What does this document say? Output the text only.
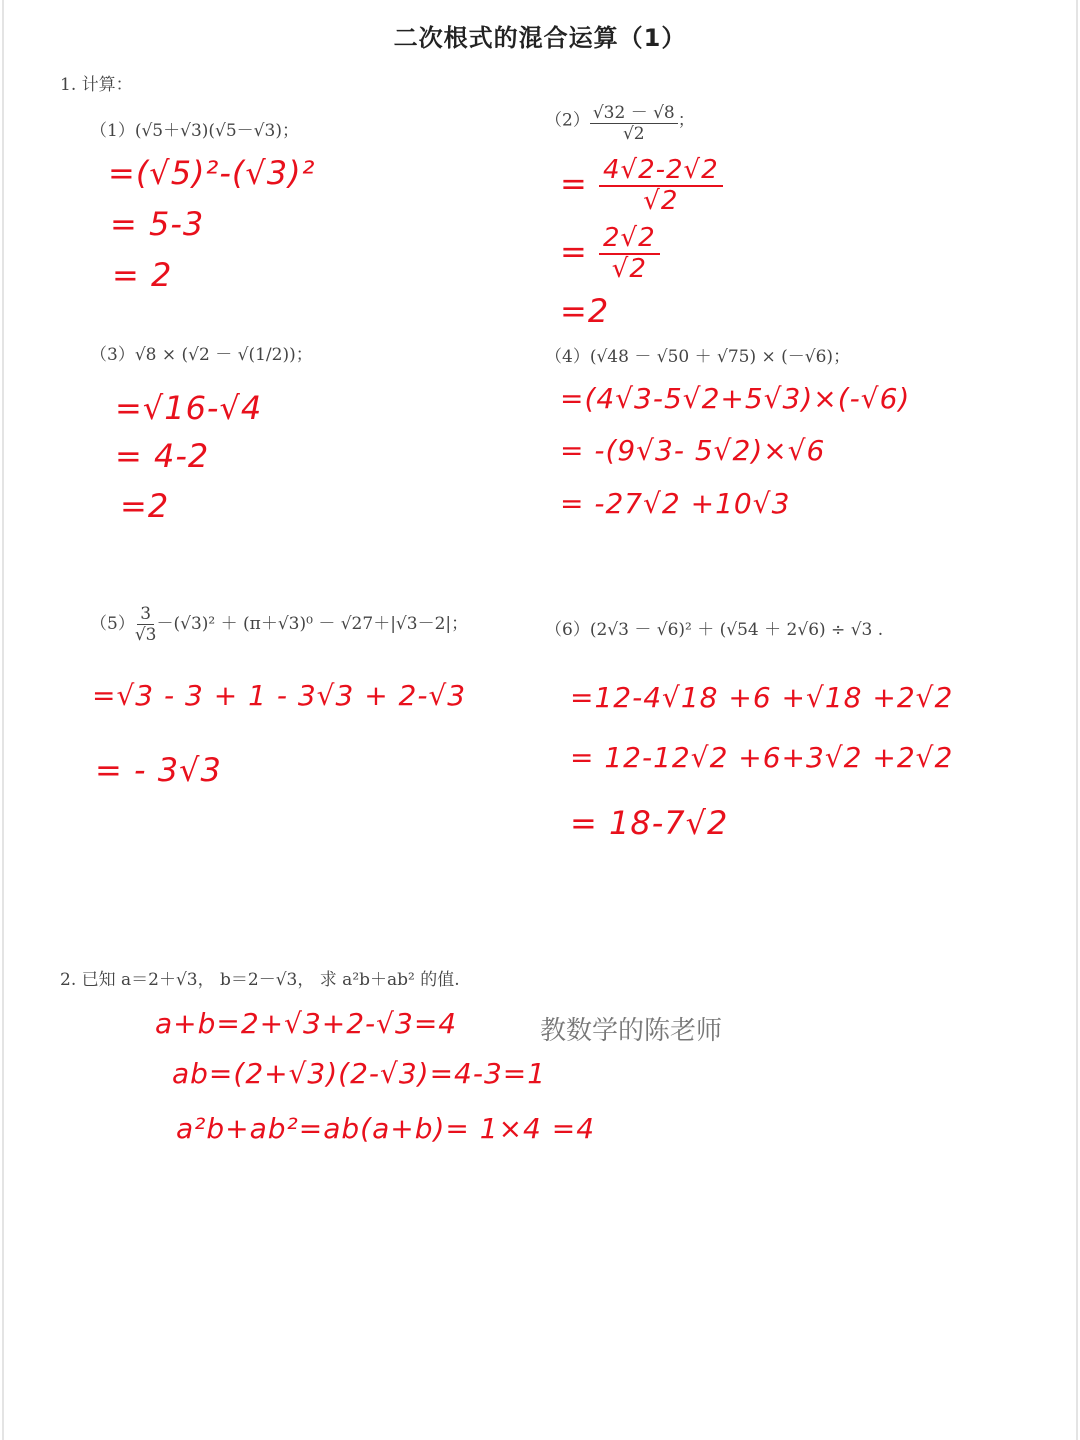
二次根式的混合运算（1）
1. 计算：
（1）(√5＋√3)(√5－√3)；
=(√5)²-(√3)²
= 5-3
= 2
$(2) \frac{√32 - √8}{√2}$ ；
= $\frac{4√2-2√2}{√2}$
= $\frac{2√2}{√2}$
=2
（3）√8 × (√2 － √(1/2))；
=√16-√4
= 4-2
=2
（4）(√48 － √50 ＋ √75) × (－√6)；
=(4√3-5√2+5√3)×(-√6)
= -(9√3- 5√2)×√6
= -27√2 +10√3
$(5) \frac{3}{√3} -(√3)^2 + (\pi+√3)^0 - √27+|√3-2|$；
=√3 - 3 + 1 - 3√3 + 2-√3
= - 3√3
（6）(2√3 － √6)² ＋ (√54 ＋ 2√6) ÷ √3 .
=12-4√18 +6 +√18 +2√2
= 12-12√2 +6+3√2 +2√2
= 18-7√2
2. 已知 a＝2＋√3， b＝2－√3， 求 a²b＋ab² 的值.
教数学的陈老师
a+b=2+√3+2-√3=4
ab=(2+√3)(2-√3)=4-3=1
a²b+ab²=ab(a+b)= 1×4 =4
